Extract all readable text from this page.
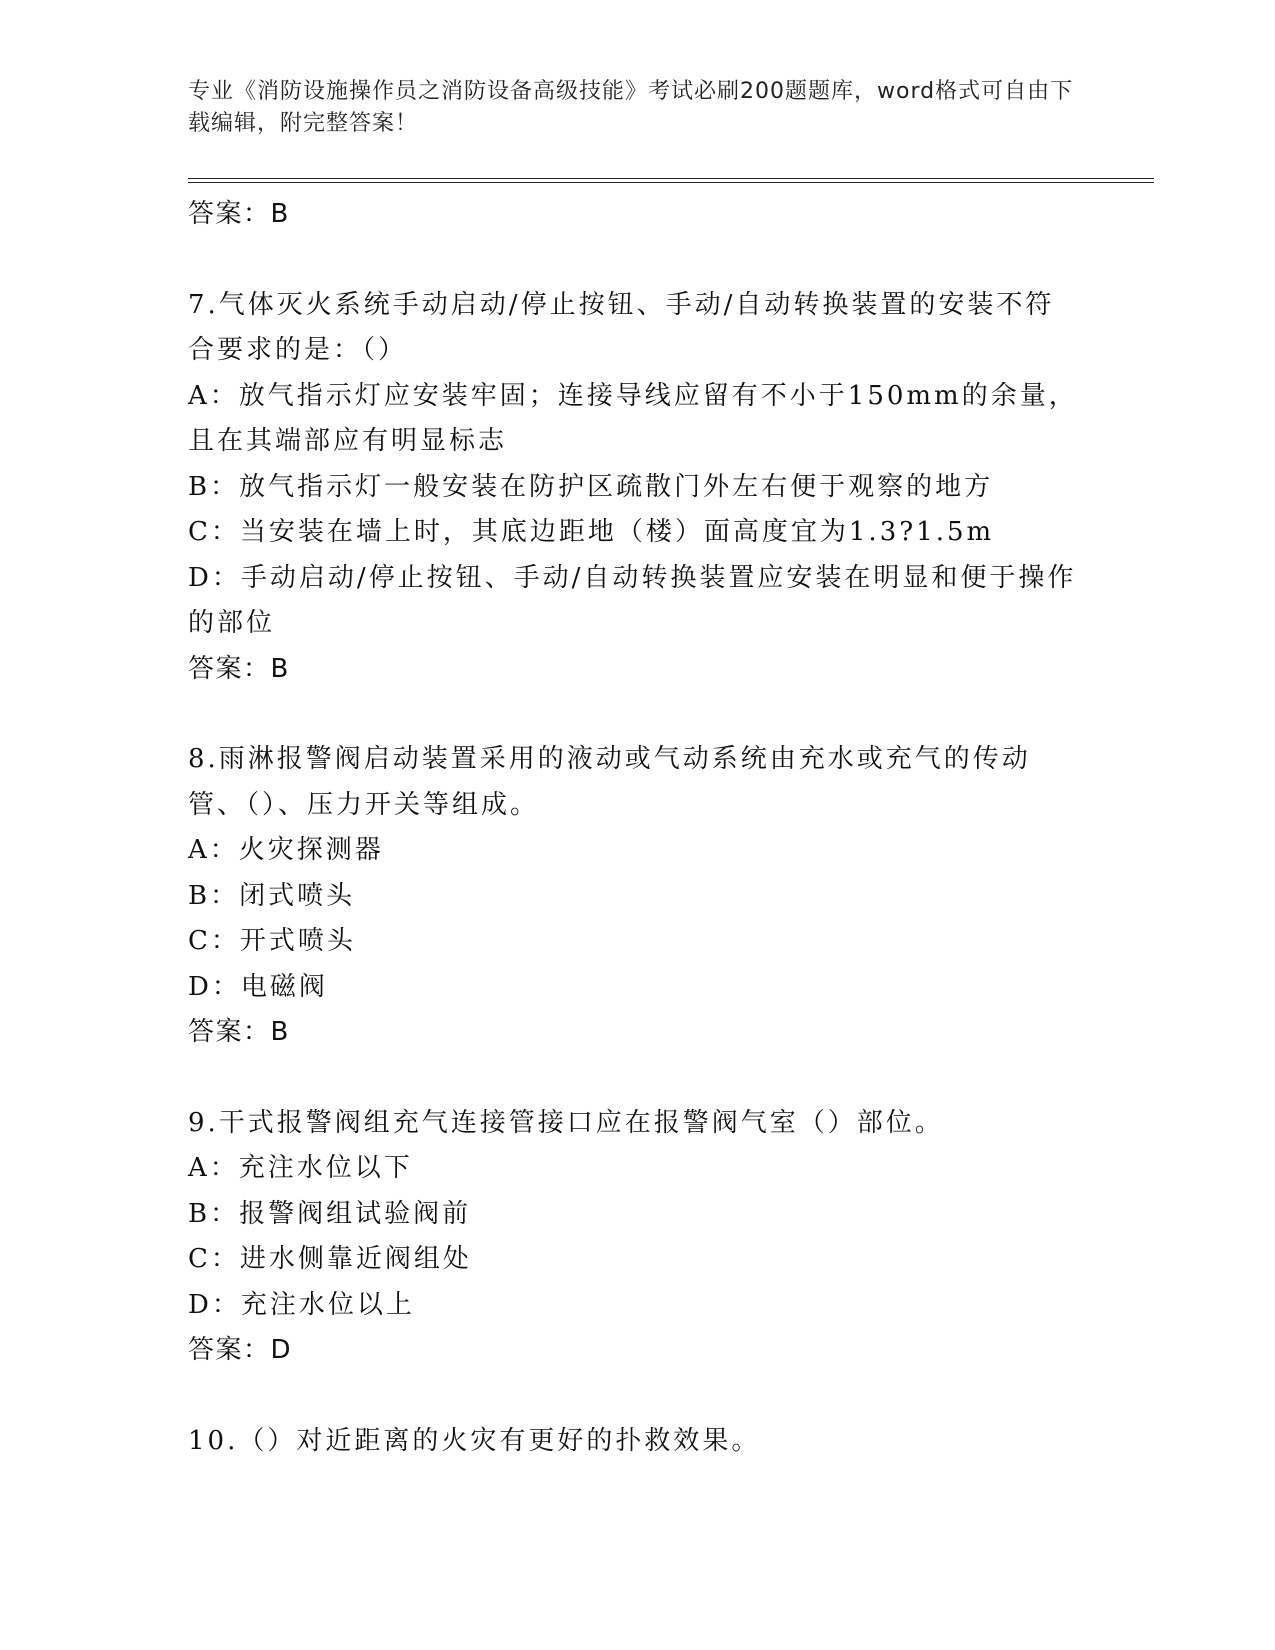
专业《消防设施操作员之消防设备高级技能》考试必刷200题题库，word格式可自由下载编辑，附完整答案！

答案：B

7.气体灭火系统手动启动/停止按钮、手动/自动转换装置的安装不符合要求的是：（）

A：放气指示灯应安装牢固；连接导线应留有不小于150mm的余量，且在其端部应有明显标志

B：放气指示灯一般安装在防护区疏散门外左右便于观察的地方

C：当安装在墙上时，其底边距地（楼）面高度宜为1.3?1.5m

D：手动启动/停止按钮、手动/自动转换装置应安装在明显和便于操作的部位

答案：B

8.雨淋报警阀启动装置采用的液动或气动系统由充水或充气的传动管、（）、压力开关等组成。

A：火灾探测器

B：闭式喷头

C：开式喷头

D：电磁阀

答案：B

9.干式报警阀组充气连接管接口应在报警阀气室（）部位。

A：充注水位以下

B：报警阀组试验阀前

C：进水侧靠近阀组处

D：充注水位以上

答案：D

10.（）对近距离的火灾有更好的扑救效果。
